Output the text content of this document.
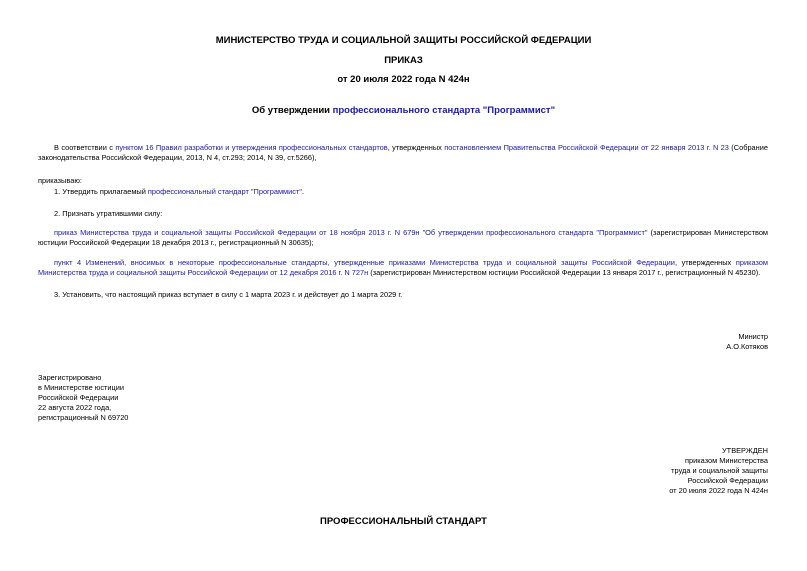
МИНИСТЕРСТВО ТРУДА И СОЦИАЛЬНОЙ ЗАЩИТЫ РОССИЙСКОЙ ФЕДЕРАЦИИ
ПРИКАЗ
от 20 июля 2022 года N 424н
Об утверждении профессионального стандарта "Программист"
В соответствии с пунктом 16 Правил разработки и утверждения профессиональных стандартов, утвержденных постановлением Правительства Российской Федерации от 22 января 2013 г. N 23 (Собрание законодательства Российской Федерации, 2013, N 4, ст.293; 2014, N 39, ст.5266),
приказываю:
1. Утвердить прилагаемый профессиональный стандарт "Программист".
2. Признать утратившими силу:
приказ Министерства труда и социальной защиты Российской Федерации от 18 ноября 2013 г. N 679н "Об утверждении профессионального стандарта "Программист" (зарегистрирован Министерством юстиции Российской Федерации 18 декабря 2013 г., регистрационный N 30635);
пункт 4 Изменений, вносимых в некоторые профессиональные стандарты, утвержденные приказами Министерства труда и социальной защиты Российской Федерации, утвержденных приказом Министерства труда и социальной защиты Российской Федерации от 12 декабря 2016 г. N 727н (зарегистрирован Министерством юстиции Российской Федерации 13 января 2017 г., регистрационный N 45230).
3. Установить, что настоящий приказ вступает в силу с 1 марта 2023 г. и действует до 1 марта 2029 г.
Министр
А.О.Котяков
Зарегистрировано
в Министерстве юстиции
Российской Федерации
22 августа 2022 года,
регистрационный N 69720
УТВЕРЖДЕН
приказом Министерства
труда и социальной защиты
Российской Федерации
от 20 июля 2022 года N 424н
ПРОФЕССИОНАЛЬНЫЙ СТАНДАРТ
